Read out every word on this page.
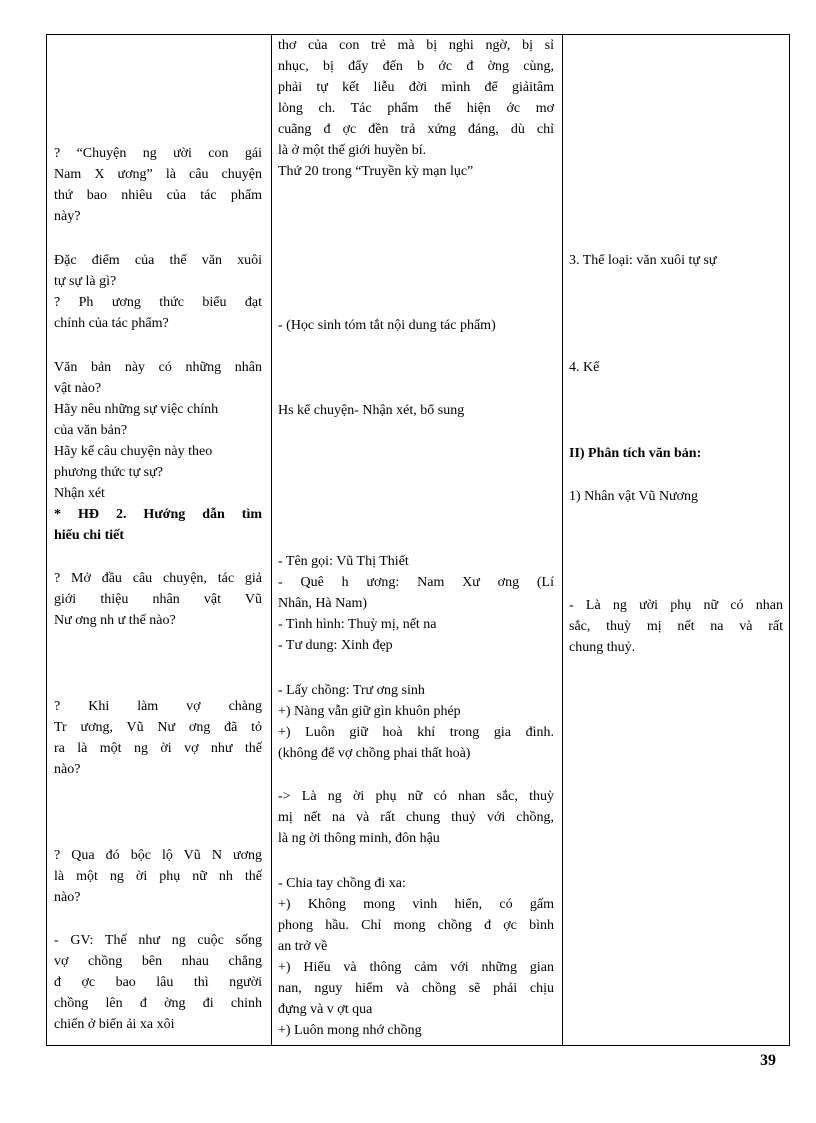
? “Chuyện ng ười con gái
Nam X ương” là câu chuyện
thứ bao nhiêu của tác phẩm
này?
Đặc điểm của thể văn xuôi
tự sự là gì?
? Ph ương thức biểu đạt
chính của tác phẩm?
Văn bản này có những nhân
vật nào?
Hãy nêu những sự việc chính
của văn bản?
Hãy kể câu chuyện này theo
phương thức tự sự?
Nhận xét
* HĐ 2. Hướng dẫn tìm
hiểu chi tiết
? Mở đầu câu chuyện, tác giả
giới thiệu nhân vật Vũ
Nư ơng nh ư thế nào?
? Khi làm vợ chàng
Tr ương, Vũ Nư ơng đã tỏ
ra là một ng ời vợ như thế
nào?
? Qua đó bộc lộ Vũ N ương
là một ng ời phụ nữ nh thế
nào?
- GV: Thế như ng cuộc sống
vợ chồng bên nhau chẳng
đ ợc bao lâu thì người
chồng lên đ ờng đi chinh
chiến ở biển ải xa xôi

thơ của con trẻ mà bị nghi ngờ, bị sỉ
nhục, bị đẩy đến b ớc đ ờng cùng,
phải tự kết liễu đời mình để giảitâm
lòng ch. Tác phẩm thể hiện ớc mơ
cuãng đ ợc đền trả xứng đáng, dù chỉ
là ở một thế giới huyền bí.
Thứ 20 trong “Truyền kỳ mạn lục”
- (Học sinh tóm tắt nội dung tác phẩm)
Hs kể chuyện- Nhận xét, bổ sung
- Tên gọi: Vũ Thị Thiết
- Quê h ương: Nam Xư ơng (Lí
Nhân, Hà Nam)
- Tình hình: Thuỳ mị, nết na
- Tư dung: Xinh đẹp
- Lấy chồng: Trư ơng sinh
+) Nàng vẫn giữ gìn khuôn phép
+) Luôn giữ hoà khí trong gia đình.
(không để vợ chồng phai thất hoà)
-> Là ng ời phụ nữ có nhan sắc, thuỳ
mị nết na và rất chung thuỷ với chồng,
là ng ời thông minh, đôn hậu
- Chia tay chồng đi xa:
+) Không mong vinh hiển, có gấm
phong hầu. Chỉ mong chồng đ ợc bình
an trở về
+) Hiểu và thông cảm với những gian
nan, nguy hiểm và chồng sẽ phải chịu
đựng và v ợt qua
+) Luôn mong nhớ chồng

3. Thể loại: văn xuôi tự sự
4. Kể
II) Phân tích văn bản:
1) Nhân vật Vũ Nương
- Là ng ười phụ nữ có nhan
sắc, thuỳ mị nết na và rất
chung thuỷ.
39
